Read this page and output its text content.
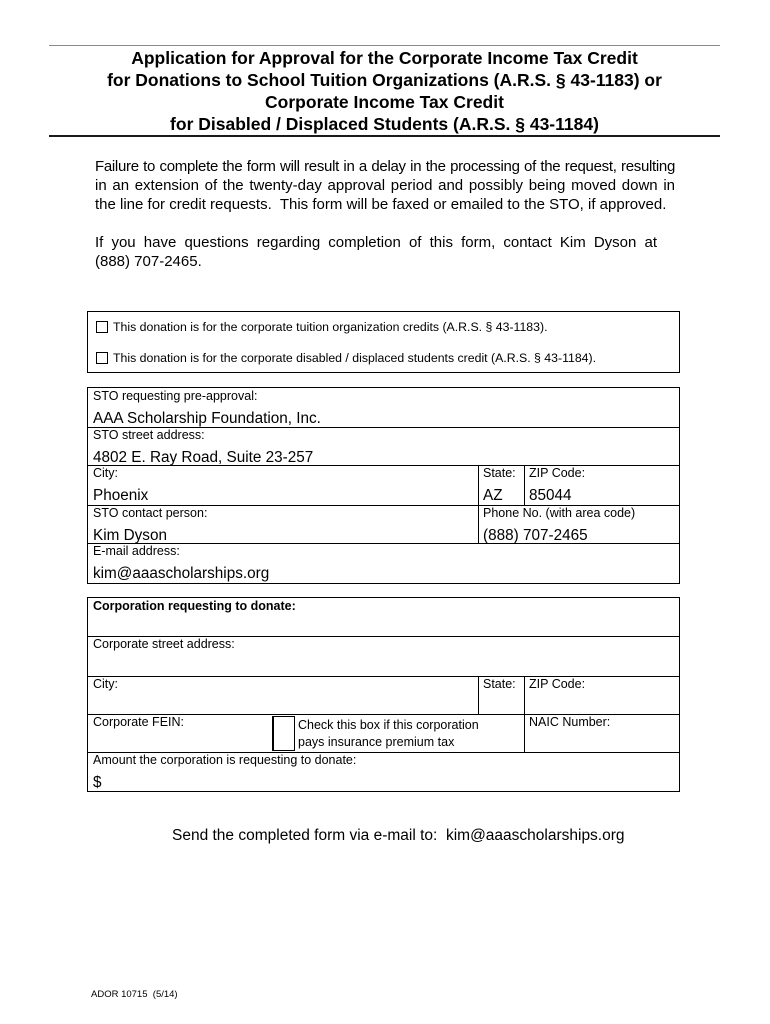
Application for Approval for the Corporate Income Tax Credit
for Donations to School Tuition Organizations (A.R.S. § 43-1183) or
Corporate Income Tax Credit
for Disabled / Displaced Students (A.R.S. § 43-1184)
Failure to complete the form will result in a delay in the processing of the request, resulting
in an extension of the twenty-day approval period and possibly being moved down in
the line for credit requests.  This form will be faxed or emailed to the STO, if approved.
If you have questions regarding completion of this form, contact Kim Dyson at
(888) 707-2465.
This donation is for the corporate tuition organization credits (A.R.S. § 43-1183).
This donation is for the corporate disabled / displaced students credit (A.R.S. § 43-1184).
STO requesting pre-approval:
AAA Scholarship Foundation, Inc.
STO street address:
4802 E. Ray Road, Suite 23-257
City:
Phoenix
State:
AZ
ZIP Code:
85044
STO contact person:
Kim Dyson
Phone No. (with area code)
(888) 707-2465
E-mail address:
kim@aaascholarships.org
Corporation requesting to donate:
Corporate street address:
City:	State: ZIP Code:
Corporate FEIN:	Check this box if this corporation
pays insurance premium tax
NAIC Number:
Amount the corporation is requesting to donate:
$
Send the completed form via e-mail to:  kim@aaascholarships.org
ADOR 10715  (5/14)
